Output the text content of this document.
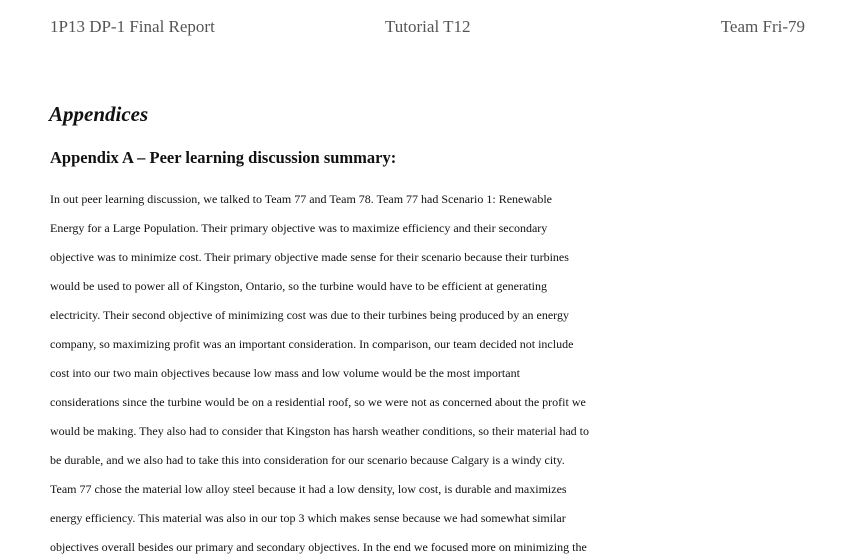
1P13 DP-1 Final Report	Tutorial T12	Team Fri-79
Appendices
Appendix A – Peer learning discussion summary:
In out peer learning discussion, we talked to Team 77 and Team 78. Team 77 had Scenario 1: Renewable
Energy for a Large Population. Their primary objective was to maximize efficiency and their secondary
objective was to minimize cost. Their primary objective made sense for their scenario because their turbines
would be used to power all of Kingston, Ontario, so the turbine would have to be efficient at generating
electricity. Their second objective of minimizing cost was due to their turbines being produced by an energy
company, so maximizing profit was an important consideration. In comparison, our team decided not include
cost into our two main objectives because low mass and low volume would be the most important
considerations since the turbine would be on a residential roof, so we were not as concerned about the profit we
would be making. They also had to consider that Kingston has harsh weather conditions, so their material had to
be durable, and we also had to take this into consideration for our scenario because Calgary is a windy city.
Team 77 chose the material low alloy steel because it had a low density, low cost, is durable and maximizes
energy efficiency. This material was also in our top 3 which makes sense because we had somewhat similar
objectives overall besides our primary and secondary objectives. In the end we focused more on minimizing the
